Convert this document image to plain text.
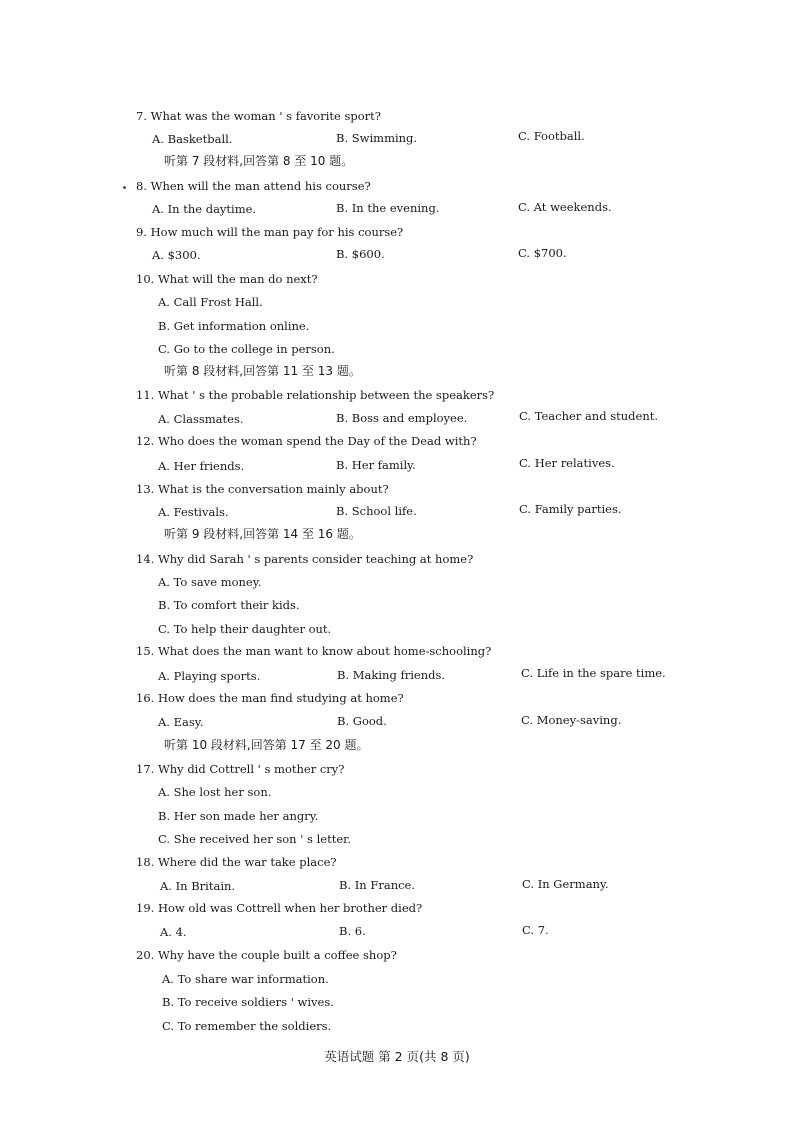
7. What was the woman ' s favorite sport?
A. Basketball.	B. Swimming.	C. Football.
听第 7 段材料,回答第 8 至 10 题。
8. When will the man attend his course?
A. In the daytime.	B. In the evening.	C. At weekends.
9. How much will the man pay for his course?
A. $300.	B. $600.	C. $700.
10. What will the man do next?
A. Call Frost Hall.
B. Get information online.
C. Go to the college in person.
听第 8 段材料,回答第 11 至 13 题。
11. What ' s the probable relationship between the speakers?
A. Classmates.	B. Boss and employee.	C. Teacher and student.
12. Who does the woman spend the Day of the Dead with?
A. Her friends.	B. Her family.	C. Her relatives.
13. What is the conversation mainly about?
A. Festivals.	B. School life.	C. Family parties.
听第 9 段材料,回答第 14 至 16 题。
14. Why did Sarah ' s parents consider teaching at home?
A. To save money.
B. To comfort their kids.
C. To help their daughter out.
15. What does the man want to know about home-schooling?
A. Playing sports.	B. Making friends.	C. Life in the spare time.
16. How does the man find studying at home?
A. Easy.	B. Good.	C. Money-saving.
听第 10 段材料,回答第 17 至 20 题。
17. Why did Cottrell ' s mother cry?
A. She lost her son.
B. Her son made her angry.
C. She received her son ' s letter.
18. Where did the war take place?
A. In Britain.	B. In France.	C. In Germany.
19. How old was Cottrell when her brother died?
A. 4.	B. 6.	C. 7.
20. Why have the couple built a coffee shop?
A. To share war information.
B. To receive soldiers ' wives.
C. To remember the soldiers.
英语试题 第 2 页(共 8 页)
